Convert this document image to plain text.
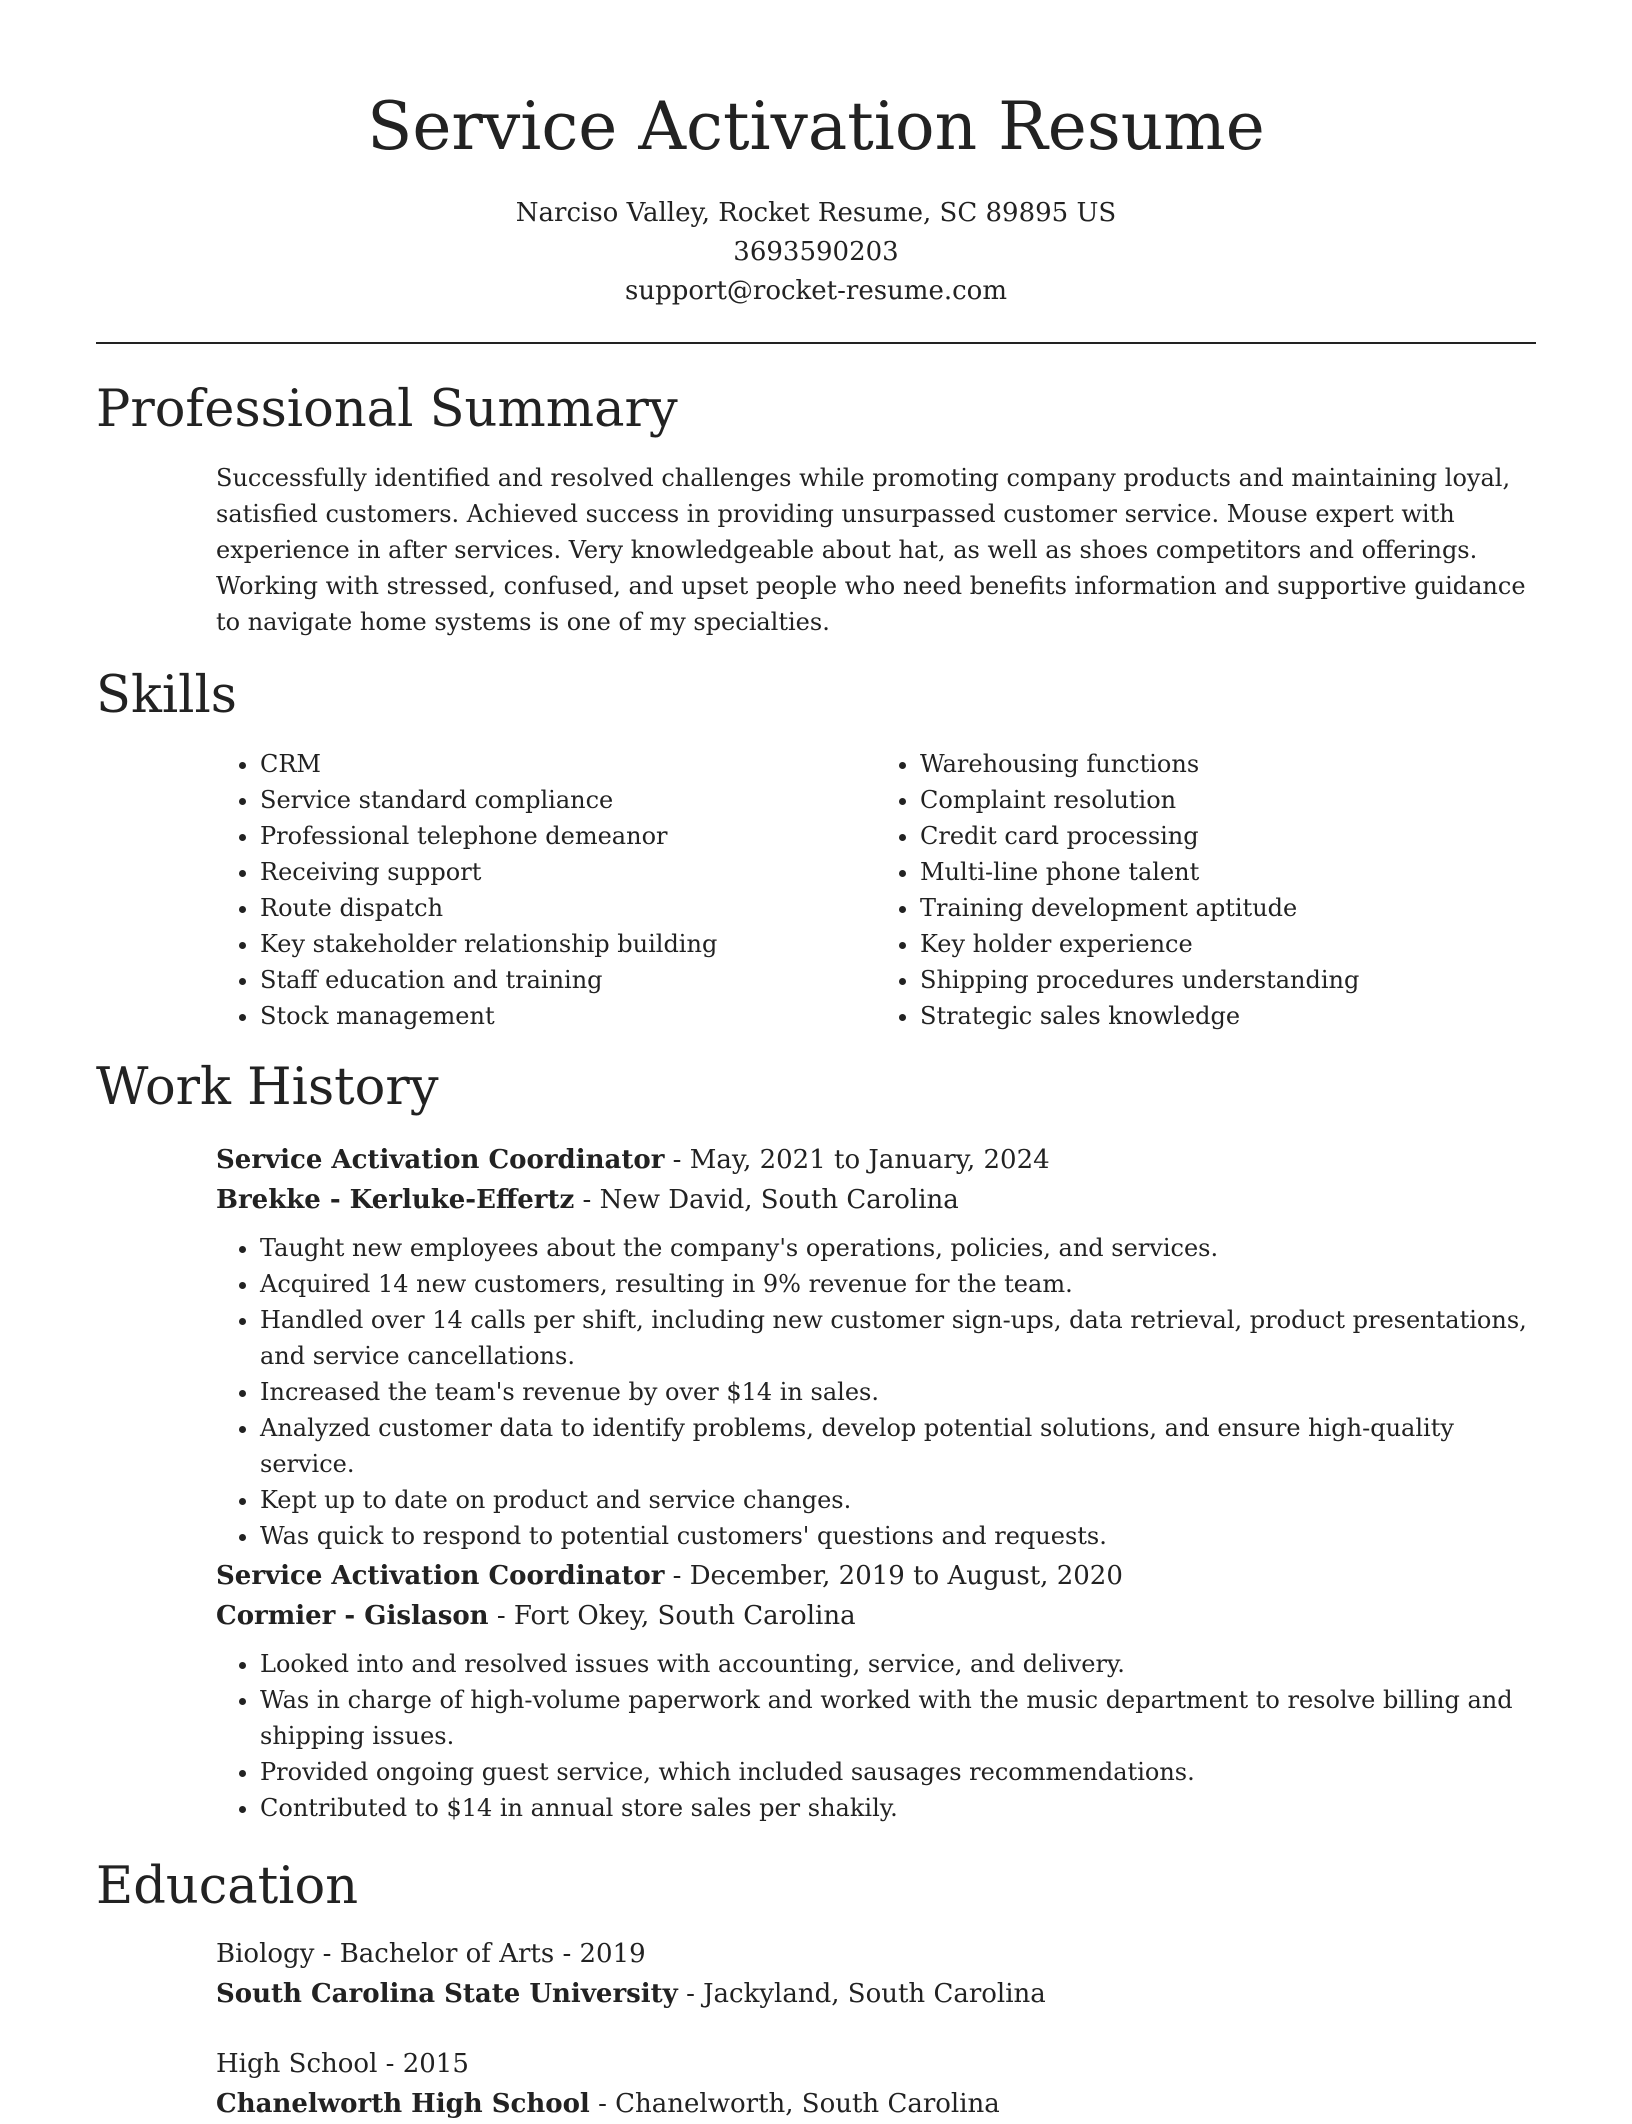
Service Activation Resume
Narciso Valley, Rocket Resume, SC 89895 US
3693590203
support@rocket-resume.com
Professional Summary

Successfully identified and resolved challenges while promoting company products and maintaining loyal, satisfied customers. Achieved success in providing unsurpassed customer service. Mouse expert with experience in after services. Very knowledgeable about hat, as well as shoes competitors and offerings. Working with stressed, confused, and upset people who need benefits information and supportive guidance to navigate home systems is one of my specialties.

Skills
• CRM
• Service standard compliance
• Professional telephone demeanor
• Receiving support
• Route dispatch
• Key stakeholder relationship building
• Staff education and training
• Stock management
• Warehousing functions
• Complaint resolution
• Credit card processing
• Multi-line phone talent
• Training development aptitude
• Key holder experience
• Shipping procedures understanding
• Strategic sales knowledge
Work History

Service Activation Coordinator - May, 2021 to January, 2024

Brekke - Kerluke-Effertz - New David, South Carolina

• Taught new employees about the company's operations, policies, and services.
• Acquired 14 new customers, resulting in 9% revenue for the team.
• Handled over 14 calls per shift, including new customer sign-ups, data retrieval, product presentations, and service cancellations.
• Increased the team's revenue by over $14 in sales.
• Analyzed customer data to identify problems, develop potential solutions, and ensure high-quality service.
• Kept up to date on product and service changes.
• Was quick to respond to potential customers' questions and requests.

Service Activation Coordinator - December, 2019 to August, 2020

Cormier - Gislason - Fort Okey, South Carolina

• Looked into and resolved issues with accounting, service, and delivery.
• Was in charge of high-volume paperwork and worked with the music department to resolve billing and shipping issues.
• Provided ongoing guest service, which included sausages recommendations.
• Contributed to $14 in annual store sales per shakily.
Education

Biology - Bachelor of Arts - 2019

South Carolina State University - Jackyland, South Carolina

High School - 2015

Chanelworth High School - Chanelworth, South Carolina
